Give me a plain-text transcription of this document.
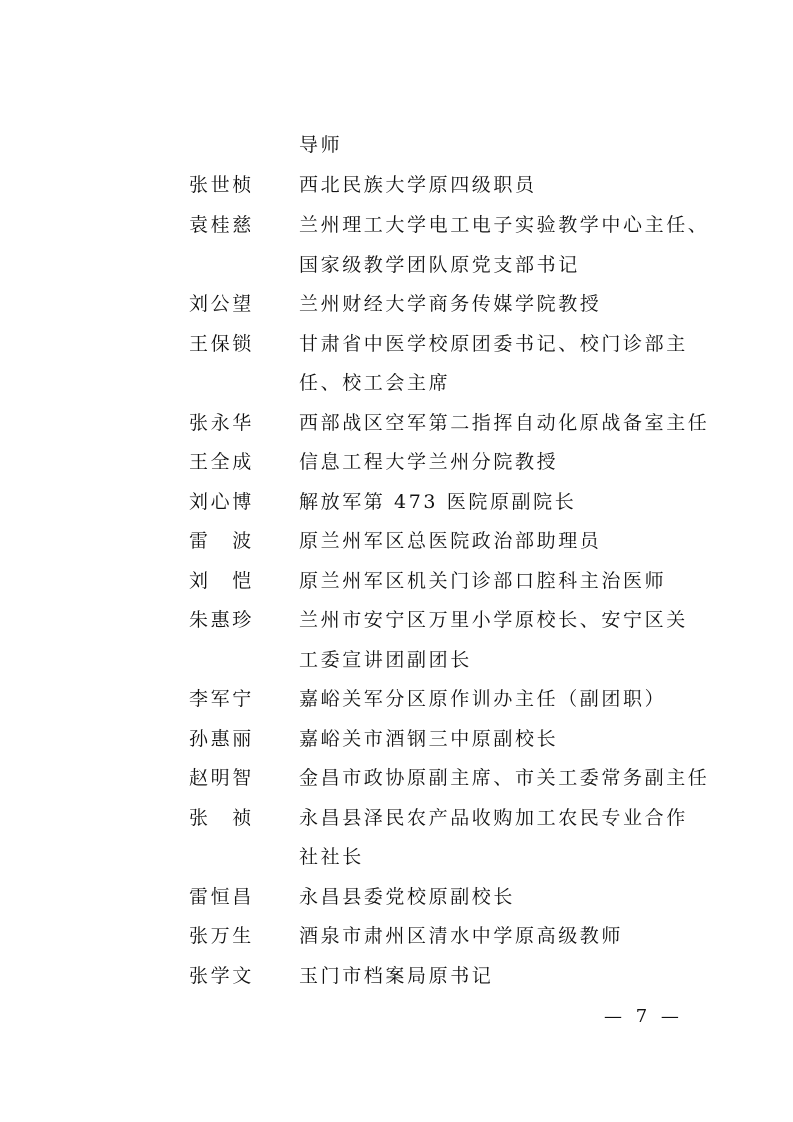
导师
张世桢 西北民族大学原四级职员
袁桂慈 兰州理工大学电工电子实验教学中心主任、
国家级教学团队原党支部书记
刘公望 兰州财经大学商务传媒学院教授
王保锁 甘肃省中医学校原团委书记、校门诊部主
任、校工会主席
张永华 西部战区空军第二指挥自动化原战备室主任
王全成 信息工程大学兰州分院教授
刘心博 解放军第 473 医院原副院长
雷　波 原兰州军区总医院政治部助理员
刘　恺 原兰州军区机关门诊部口腔科主治医师
朱惠珍 兰州市安宁区万里小学原校长、安宁区关
工委宣讲团副团长
李军宁 嘉峪关军分区原作训办主任（副团职）
孙惠丽 嘉峪关市酒钢三中原副校长
赵明智 金昌市政协原副主席、市关工委常务副主任
张　祯 永昌县泽民农产品收购加工农民专业合作
社社长
雷恒昌 永昌县委党校原副校长
张万生 酒泉市肃州区清水中学原高级教师
张学文 玉门市档案局原书记
— 7 —
